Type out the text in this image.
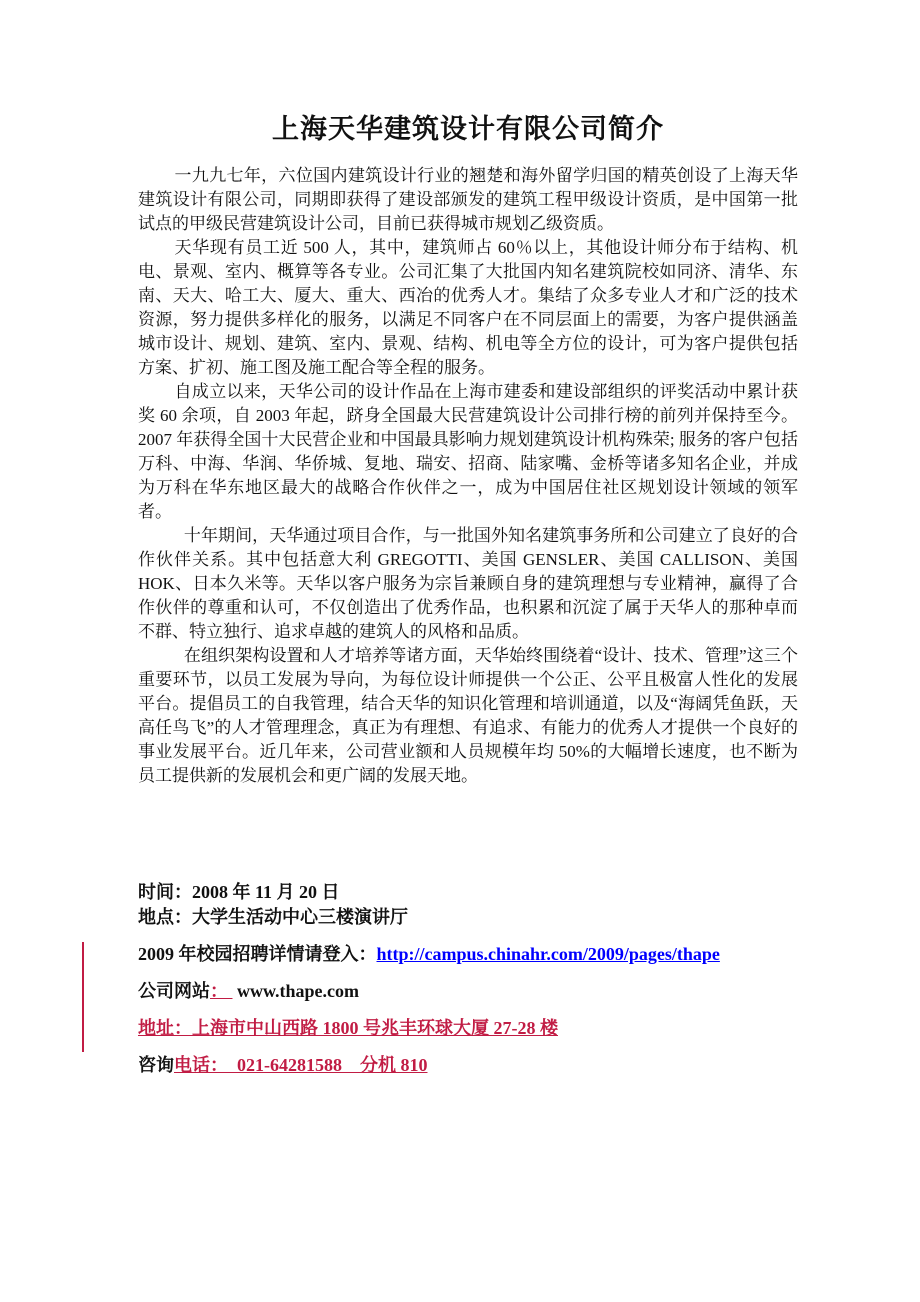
上海天华建筑设计有限公司简介

一九九七年，六位国内建筑设计行业的翘楚和海外留学归国的精英创设了上海天华建筑设计有限公司，同期即获得了建设部颁发的建筑工程甲级设计资质，是中国第一批试点的甲级民营建筑设计公司，目前已获得城市规划乙级资质。

天华现有员工近 500 人，其中，建筑师占 60％以上，其他设计师分布于结构、机电、景观、室内、概算等各专业。公司汇集了大批国内知名建筑院校如同济、清华、东南、天大、哈工大、厦大、重大、西冶的优秀人才。集结了众多专业人才和广泛的技术资源，努力提供多样化的服务，以满足不同客户在不同层面上的需要，为客户提供涵盖城市设计、规划、建筑、室内、景观、结构、机电等全方位的设计，可为客户提供包括方案、扩初、施工图及施工配合等全程的服务。

自成立以来，天华公司的设计作品在上海市建委和建设部组织的评奖活动中累计获奖 60 余项，自 2003 年起，跻身全国最大民营建筑设计公司排行榜的前列并保持至今。2007 年获得全国十大民营企业和中国最具影响力规划建筑设计机构殊荣; 服务的客户包括万科、中海、华润、华侨城、复地、瑞安、招商、陆家嘴、金桥等诸多知名企业，并成为万科在华东地区最大的战略合作伙伴之一，成为中国居住社区规划设计领域的领军者。

十年期间，天华通过项目合作，与一批国外知名建筑事务所和公司建立了良好的合作伙伴关系。其中包括意大利 GREGOTTI、美国 GENSLER、美国 CALLISON、美国 HOK、日本久米等。天华以客户服务为宗旨兼顾自身的建筑理想与专业精神，赢得了合作伙伴的尊重和认可，不仅创造出了优秀作品，也积累和沉淀了属于天华人的那种卓而不群、特立独行、追求卓越的建筑人的风格和品质。

在组织架构设置和人才培养等诸方面，天华始终围绕着“设计、技术、管理”这三个重要环节，以员工发展为导向，为每位设计师提供一个公正、公平且极富人性化的发展平台。提倡员工的自我管理，结合天华的知识化管理和培训通道，以及“海阔凭鱼跃，天高任鸟飞”的人才管理理念，真正为有理想、有追求、有能力的优秀人才提供一个良好的事业发展平台。近几年来，公司营业额和人员规模年均 50%的大幅增长速度，也不断为员工提供新的发展机会和更广阔的发展天地。

时间：2008 年 11 月 20 日

地点：大学生活动中心三楼演讲厅

2009 年校园招聘详情请登入：http://campus.chinahr.com/2009/pages/thape

公司网站：  www.thape.com

地址：上海市中山西路 1800 号兆丰环球大厦 27-28 楼

咨询电话：  021-64281588    分机 810
